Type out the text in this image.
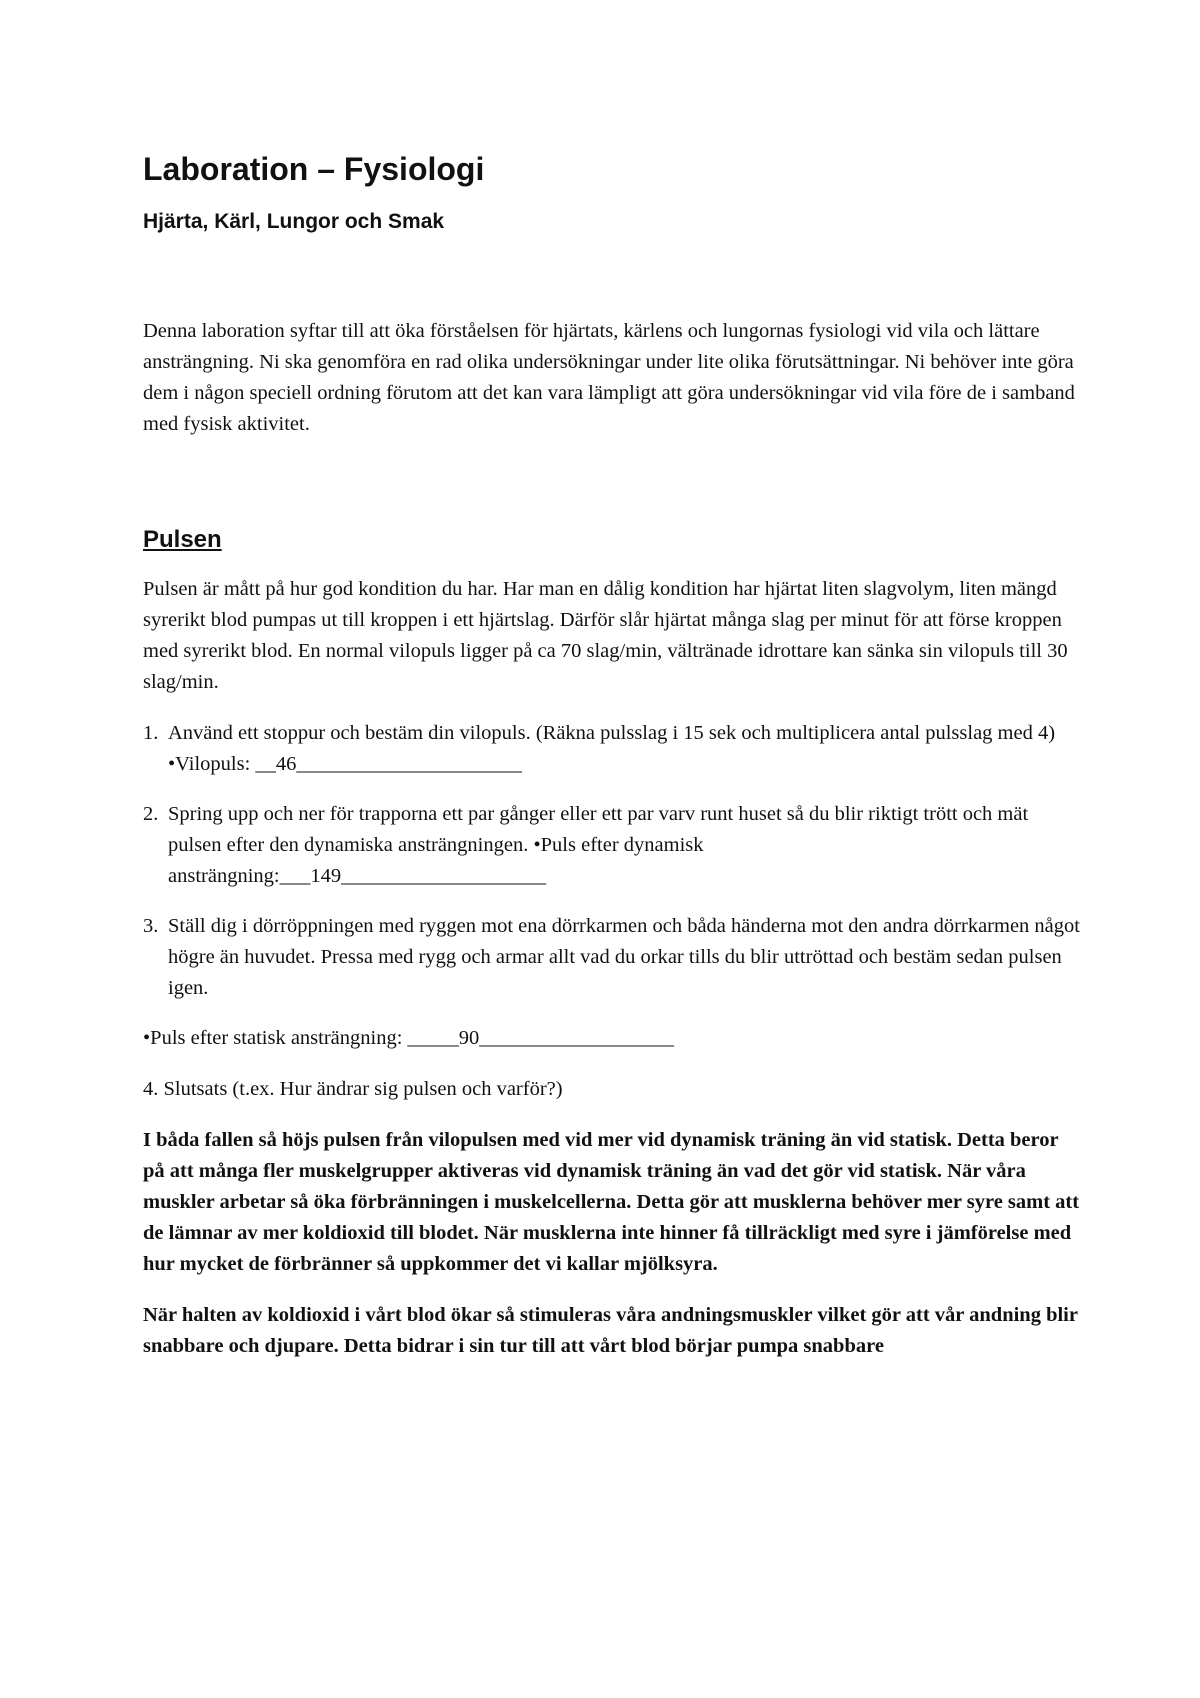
Laboration – Fysiologi
Hjärta, Kärl, Lungor och Smak

Denna laboration syftar till att öka förståelsen för hjärtats, kärlens och lungornas fysiologi vid vila och lättare ansträngning. Ni ska genomföra en rad olika undersökningar under lite olika förutsättningar. Ni behöver inte göra dem i någon speciell ordning förutom att det kan vara lämpligt att göra undersökningar vid vila före de i samband med fysisk aktivitet.

Pulsen

Pulsen är mått på hur god kondition du har. Har man en dålig kondition har hjärtat liten slagvolym, liten mängd syrerikt blod pumpas ut till kroppen i ett hjärtslag. Därför slår hjärtat många slag per minut för att förse kroppen med syrerikt blod. En normal vilopuls ligger på ca 70 slag/min, vältränade idrottare kan sänka sin vilopuls till 30 slag/min.

1. Använd ett stoppur och bestäm din vilopuls. (Räkna pulsslag i 15 sek och multiplicera antal pulsslag med 4) •Vilopuls: __46______________________
2. Spring upp och ner för trapporna ett par gånger eller ett par varv runt huset så du blir riktigt trött och mät pulsen efter den dynamiska ansträngningen. •Puls efter dynamisk ansträngning:___149____________________
3. Ställ dig i dörröppningen med ryggen mot ena dörrkarmen och båda händerna mot den andra dörrkarmen något högre än huvudet. Pressa med rygg och armar allt vad du orkar tills du blir uttröttad och bestäm sedan pulsen igen.

•Puls efter statisk ansträngning: _____90___________________

4. Slutsats (t.ex. Hur ändrar sig pulsen och varför?)

I båda fallen så höjs pulsen från vilopulsen med vid mer vid dynamisk träning än vid statisk. Detta beror på att många fler muskelgrupper aktiveras vid dynamisk träning än vad det gör vid statisk. När våra muskler arbetar så öka förbränningen i muskelcellerna. Detta gör att musklerna behöver mer syre samt att de lämnar av mer koldioxid till blodet. När musklerna inte hinner få tillräckligt med syre i jämförelse med hur mycket de förbränner så uppkommer det vi kallar mjölksyra.

När halten av koldioxid i vårt blod ökar så stimuleras våra andningsmuskler vilket gör att vår andning blir snabbare och djupare. Detta bidrar i sin tur till att vårt blod börjar pumpa snabbare
